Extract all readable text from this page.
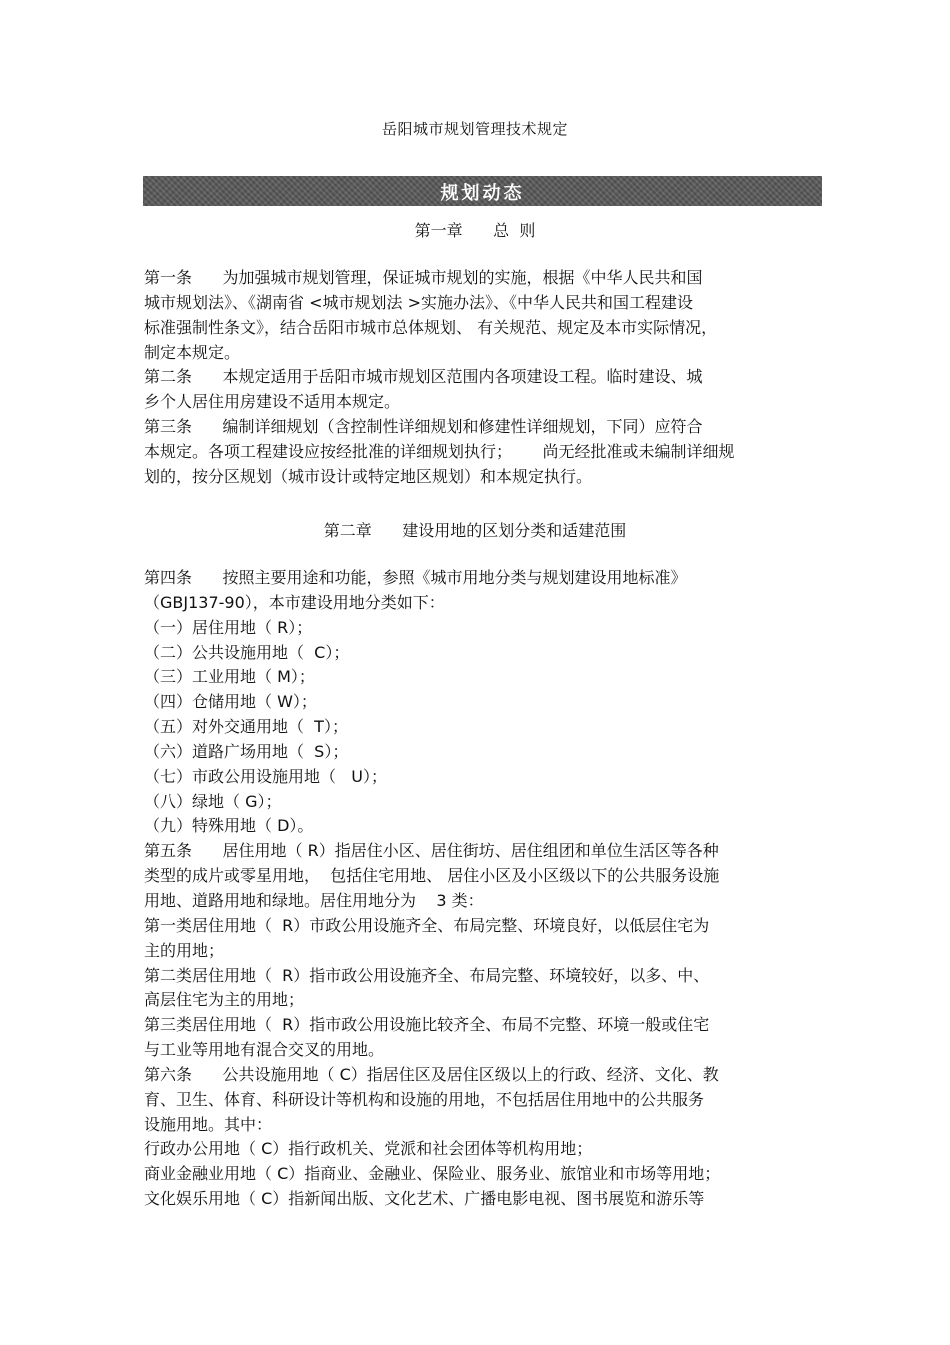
岳阳城市规划管理技术规定
规划动态
第一章      总  则
第一条      为加强城市规划管理，保证城市规划的实施，根据《中华人民共和国
城市规划法》、《湖南省 <城市规划法 >实施办法》、《中华人民共和国工程建设
标准强制性条文》，结合岳阳市城市总体规划、 有关规范、规定及本市实际情况，
制定本规定。
第二条      本规定适用于岳阳市城市规划区范围内各项建设工程。临时建设、城
乡个人居住用房建设不适用本规定。
第三条      编制详细规划（含控制性详细规划和修建性详细规划，下同）应符合
本规定。各项工程建设应按经批准的详细规划执行；      尚无经批准或未编制详细规
划的，按分区规划（城市设计或特定地区规划）和本规定执行。
第二章      建设用地的区划分类和适建范围
第四条      按照主要用途和功能，参照《城市用地分类与规划建设用地标准》
（GBJ137-90），本市建设用地分类如下：
（一）居住用地（ R）；
（二）公共设施用地（  C）；
（三）工业用地（ M）；
（四）仓储用地（ W）；
（五）对外交通用地（  T）；
（六）道路广场用地（  S）；
（七）市政公用设施用地（   U）；
（八）绿地（ G）；
（九）特殊用地（ D）。
第五条      居住用地（ R）指居住小区、居住街坊、居住组团和单位生活区等各种
类型的成片或零星用地，  包括住宅用地、 居住小区及小区级以下的公共服务设施
用地、道路用地和绿地。居住用地分为    3 类：
第一类居住用地（  R）市政公用设施齐全、布局完整、环境良好，以低层住宅为
主的用地；
第二类居住用地（  R）指市政公用设施齐全、布局完整、环境较好，以多、中、
高层住宅为主的用地；
第三类居住用地（  R）指市政公用设施比较齐全、布局不完整、环境一般或住宅
与工业等用地有混合交叉的用地。
第六条      公共设施用地（ C）指居住区及居住区级以上的行政、经济、文化、教
育、卫生、体育、科研设计等机构和设施的用地，不包括居住用地中的公共服务
设施用地。其中：
行政办公用地（ C）指行政机关、党派和社会团体等机构用地；
商业金融业用地（ C）指商业、金融业、保险业、服务业、旅馆业和市场等用地；
文化娱乐用地（ C）指新闻出版、文化艺术、广播电影电视、图书展览和游乐等
